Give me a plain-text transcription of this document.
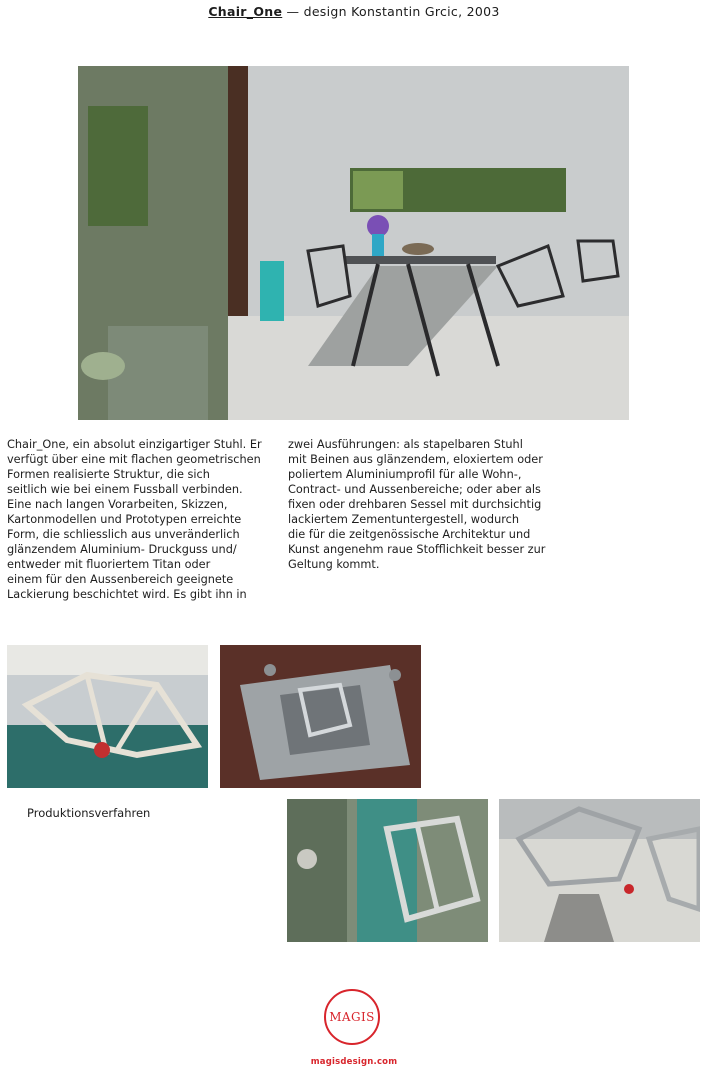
Chair_One — design Konstantin Grcic, 2003
Chair_One, ein absolut einzigartiger Stuhl. Er
verfügt über eine mit flachen geometrischen
Formen realisierte Struktur, die sich
seitlich wie bei einem Fussball verbinden.
Eine nach langen Vorarbeiten, Skizzen,
Kartonmodellen und Prototypen erreichte
Form, die schliesslich aus unveränderlich
glänzendem Aluminium- Druckguss und/
entweder mit fluoriertem Titan oder
einem für den Aussenbereich geeignete
Lackierung beschichtet wird. Es gibt ihn in
zwei Ausführungen: als stapelbaren Stuhl
mit Beinen aus glänzendem, eloxiertem oder
poliertem Aluminiumprofil für alle Wohn-,
Contract- und Aussenbereiche; oder aber als
fixen oder drehbaren Sessel mit durchsichtig
lackiertem Zementuntergestell, wodurch
die für die zeitgenössische Architektur und
Kunst angenehm raue Stofflichkeit besser zur
Geltung kommt.
Produktionsverfahren
MAGIS
magisdesign.com
